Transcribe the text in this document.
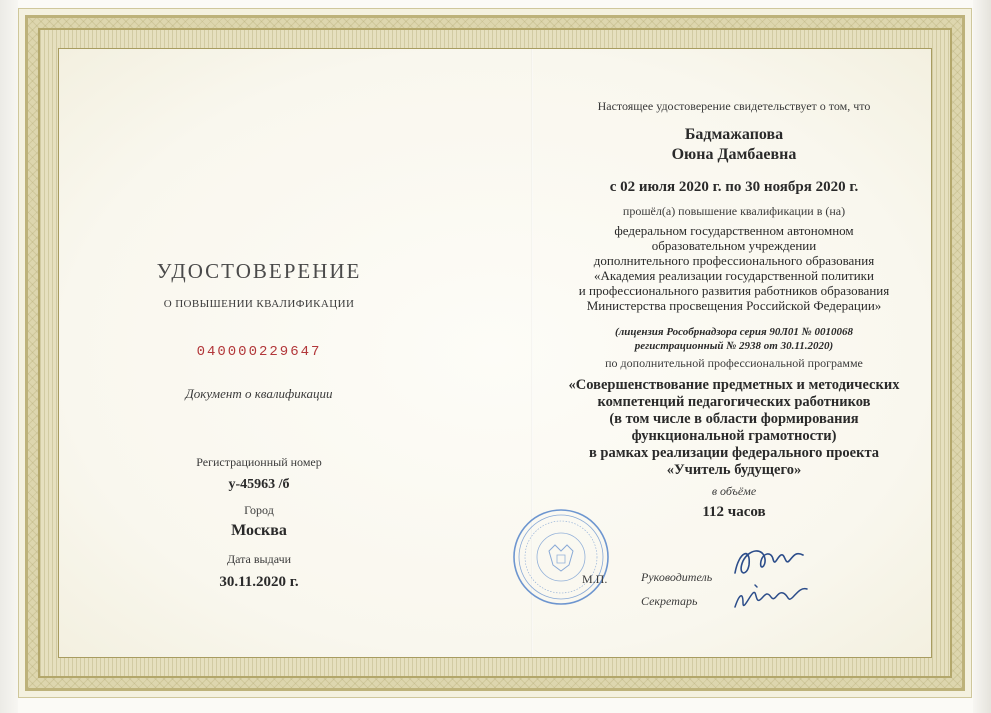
УДОСТОВЕРЕНИЕ
О ПОВЫШЕНИИ КВАЛИФИКАЦИИ
040000229647
Документ о квалификации
Регистрационный номер
у-45963 /б
Город
Москва
Дата выдачи
30.11.2020 г.
Настоящее удостоверение свидетельствует о том, что
Бадмажапова
Оюна Дамбаевна
с 02 июля 2020 г. по 30 ноября 2020 г.
прошёл(а) повышение квалификации в (на)
федеральном государственном автономном
образовательном учреждении
дополнительного профессионального образования
«Академия реализации государственной политики
и профессионального развития работников образования
Министерства просвещения Российской Федерации»
(лицензия Рособрнадзора серия 90Л01 № 0010068
регистрационный № 2938 от 30.11.2020)
по дополнительной профессиональной программе
«Совершенствование предметных и методических
компетенций педагогических работников
(в том числе в области формирования
функциональной грамотности)
в рамках реализации федерального проекта
«Учитель будущего»
в объёме
112 часов
М.П.	Руководитель
Секретарь
